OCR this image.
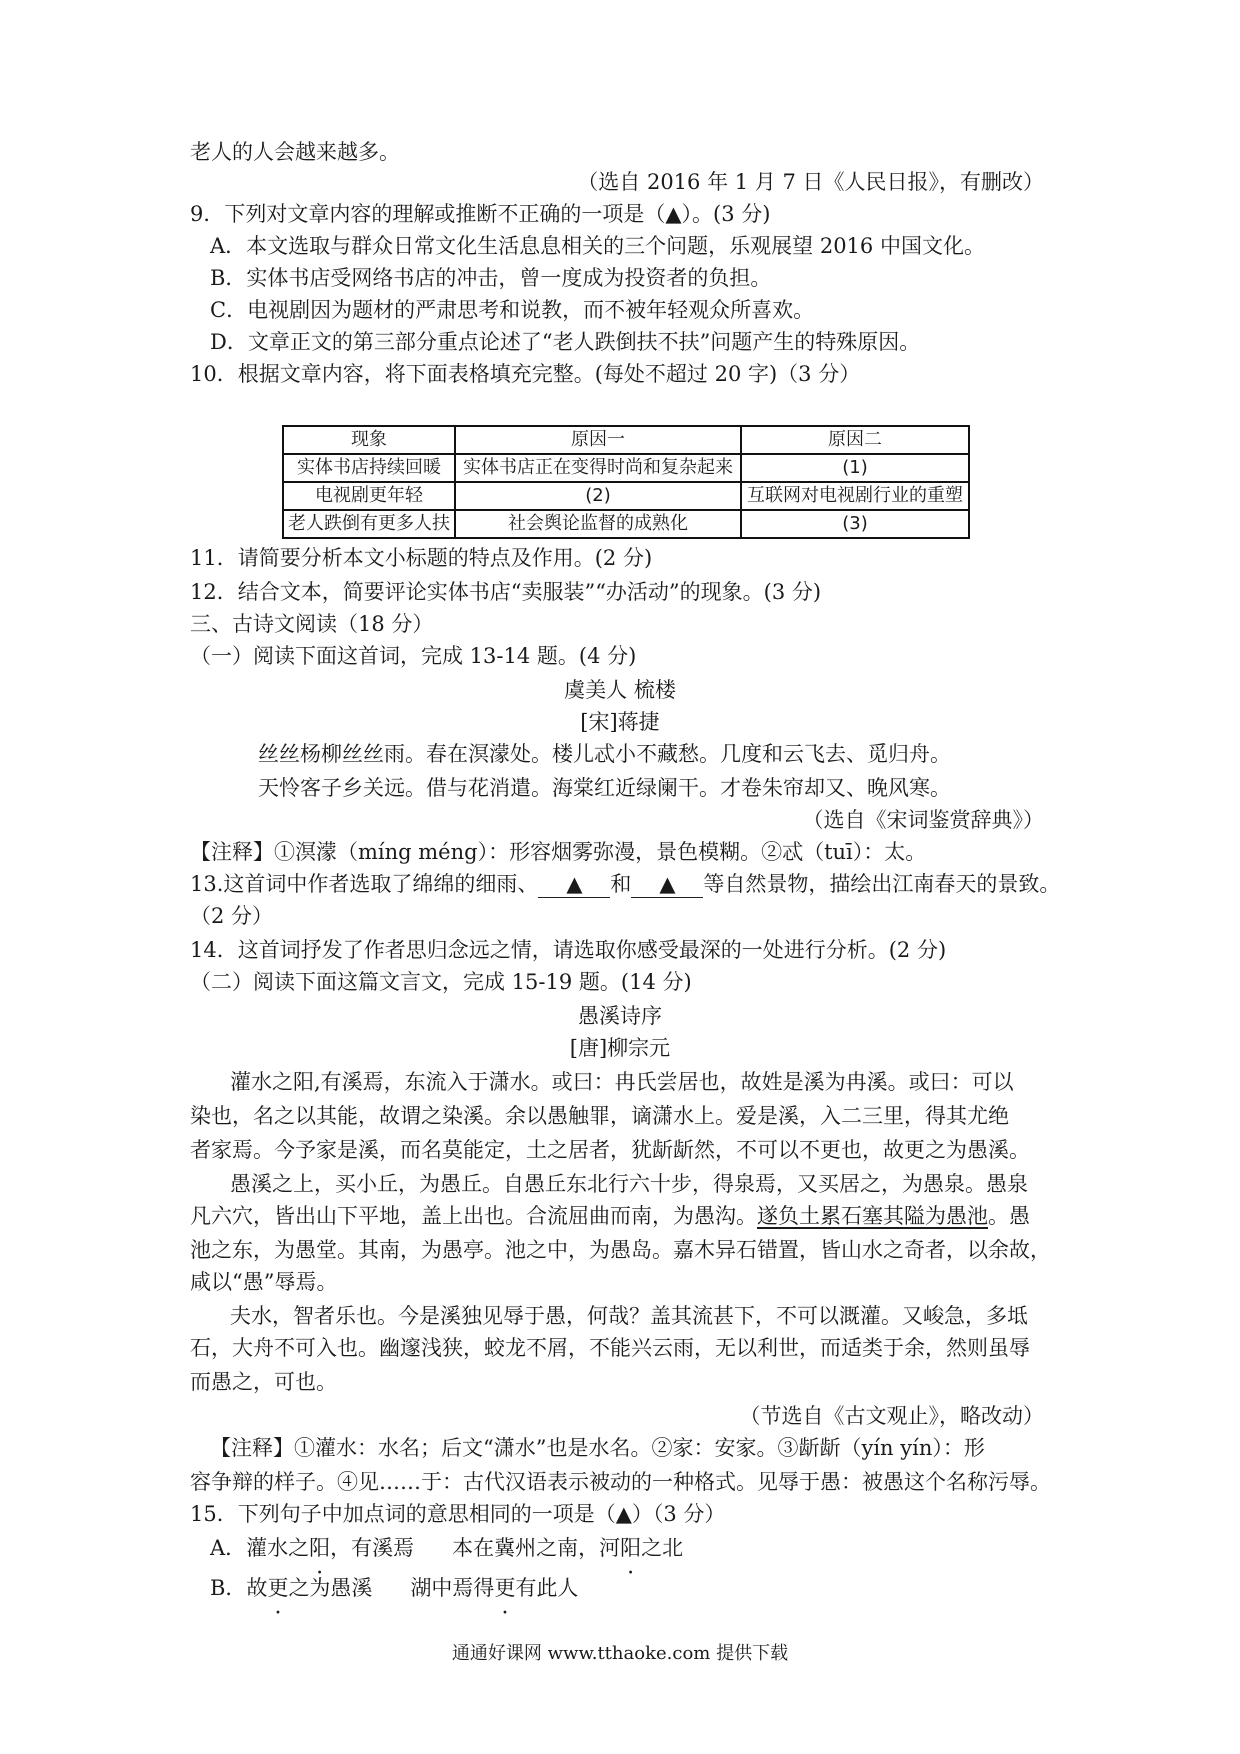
老人的人会越来越多。
（选自 2016 年 1 月 7 日《人民日报》，有删改）
9．下列对文章内容的理解或推断不正确的一项是（▲）。(3 分)
A．本文选取与群众日常文化生活息息相关的三个问题，乐观展望 2016 中国文化。
B．实体书店受网络书店的冲击，曾一度成为投资者的负担。
C．电视剧因为题材的严肃思考和说教，而不被年轻观众所喜欢。
D．文章正文的第三部分重点论述了“老人跌倒扶不扶”问题产生的特殊原因。
10．根据文章内容，将下面表格填充完整。(每处不超过 20 字)（3 分）
现象	原因一	原因二
实体书店持续回暖	实体书店正在变得时尚和复杂起来	(1)
电视剧更年轻	(2)	互联网对电视剧行业的重塑
老人跌倒有更多人扶	社会舆论监督的成熟化	(3)
11．请简要分析本文小标题的特点及作用。(2 分)
12．结合文本，简要评论实体书店“卖服装”“办活动”的现象。(3 分)
三、古诗文阅读（18 分）
（一）阅读下面这首词，完成 13-14 题。(4 分)
虞美人 梳楼
[宋]蒋捷
丝丝杨柳丝丝雨。春在溟濛处。楼儿忒小不藏愁。几度和云飞去、觅归舟。
天怜客子乡关远。借与花消遣。海棠红近绿阑干。才卷朱帘却又、晚风寒。
（选自《宋词鉴赏辞典》）
【注释】①溟濛（míng méng）：形容烟雾弥漫，景色模糊。②忒（tuī）：太。
13.这首词中作者选取了绵绵的细雨、 ▲ 和 ▲ 等自然景物，描绘出江南春天的景致。
（2 分）
14．这首词抒发了作者思归念远之情，请选取你感受最深的一处进行分析。(2 分)
（二）阅读下面这篇文言文，完成 15-19 题。(14 分)
愚溪诗序
[唐]柳宗元
灌水之阳,有溪焉，东流入于潇水。或曰：冉氏尝居也，故姓是溪为冉溪。或曰：可以
染也，名之以其能，故谓之染溪。余以愚触罪，谪潇水上。爱是溪，入二三里，得其尤绝
者家焉。今予家是溪，而名莫能定，土之居者，犹龂龂然，不可以不更也，故更之为愚溪。
愚溪之上，买小丘，为愚丘。自愚丘东北行六十步，得泉焉，又买居之，为愚泉。愚泉
凡六穴，皆出山下平地，盖上出也。合流屈曲而南，为愚沟。遂负土累石塞其隘为愚池。愚
池之东，为愚堂。其南，为愚亭。池之中，为愚岛。嘉木异石错置，皆山水之奇者，以余故，
咸以“愚”辱焉。
夫水，智者乐也。今是溪独见辱于愚，何哉？盖其流甚下，不可以溉灌。又峻急，多坻
石，大舟不可入也。幽邃浅狭，蛟龙不屑，不能兴云雨，无以利世，而适类于余，然则虽辱
而愚之，可也。
（节选自《古文观止》，略改动）
【注释】①灌水：水名；后文“潇水”也是水名。②家：安家。③龂龂（yín yín）：形
容争辩的样子。④见……于：古代汉语表示被动的一种格式。见辱于愚：被愚这个名称污辱。
15．下列句子中加点词的意思相同的一项是（▲）（3 分）
A．灌水之阳，有溪焉 本在冀州之南，河阳之北
B．故更之为愚溪 湖中焉得更有此人
通通好课网 www.tthaoke.com 提供下载
